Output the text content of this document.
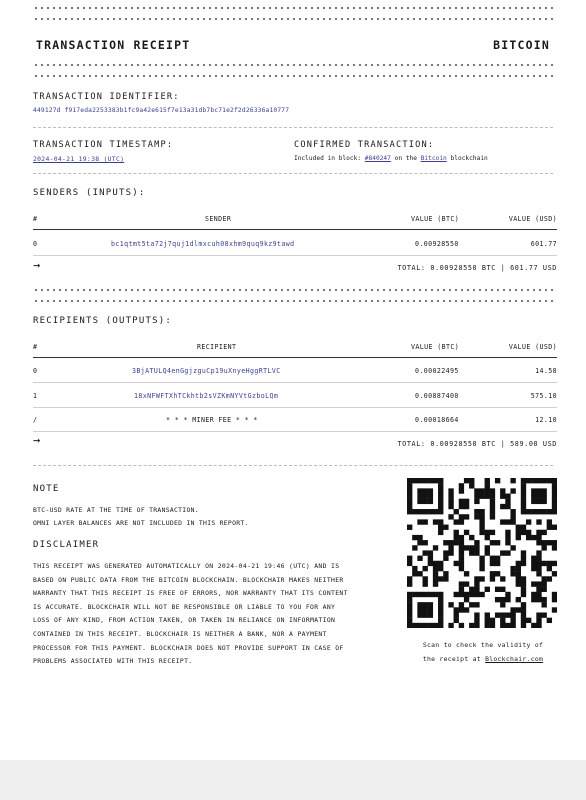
TRANSACTION RECEIPT	BITCOIN
TRANSACTION IDENTIFIER:
449127d f917eda2253383b1fc9a42e615f7e13a31db7bc71e2f2d26336a10777
TRANSACTION TIMESTAMP:
2024-04-21 19:38 (UTC)
CONFIRMED TRANSACTION:
Included in block: #840247 on the Bitcoin blockchain
SENDERS (INPUTS):
#	SENDER	VALUE (BTC)	VALUE (USD)
0	bc1qtmt5ta72j7quj1dlmxcuh08xhm9quq9kz9tawd	0.00928550	601.77
→	TOTAL: 0.00928550 BTC | 601.77 USD
RECIPIENTS (OUTPUTS):
#	RECIPIENT	VALUE (BTC)	VALUE (USD)
0	3BjATULQ4enGgjzguCp19uXnyeHggRTLVC	0.00022495	14.58
1	18xNFWFTXhTCkhtb2sVZKmNYVtGzboLQm	0.00887400	575.10
/	* * * MINER FEE * * *	0.00018664	12.10
→	TOTAL: 0.00928550 BTC | 589.00 USD
NOTE
BTC-USD RATE AT THE TIME OF TRANSACTION.
OMNI LAYER BALANCES ARE NOT INCLUDED IN THIS REPORT.
DISCLAIMER
THIS RECEIPT WAS GENERATED AUTOMATICALLY ON 2024-04-21 19:46 (UTC) AND IS
BASED ON PUBLIC DATA FROM THE BITCOIN BLOCKCHAIN. BLOCKCHAIR MAKES NEITHER
WARRANTY THAT THIS RECEIPT IS FREE OF ERRORS, NOR WARRANTY THAT ITS CONTENT
IS ACCURATE. BLOCKCHAIR WILL NOT BE RESPONSIBLE OR LIABLE TO YOU FOR ANY
LOSS OF ANY KIND, FROM ACTION TAKEN, OR TAKEN IN RELIANCE ON INFORMATION
CONTAINED IN THIS RECEIPT. BLOCKCHAIR IS NEITHER A BANK, NOR A PAYMENT
PROCESSOR FOR THIS PAYMENT. BLOCKCHAIR DOES NOT PROVIDE SUPPORT IN CASE OF
PROBLEMS ASSOCIATED WITH THIS RECEIPT.
Scan to check the validity of
the receipt at Blockchair.com
